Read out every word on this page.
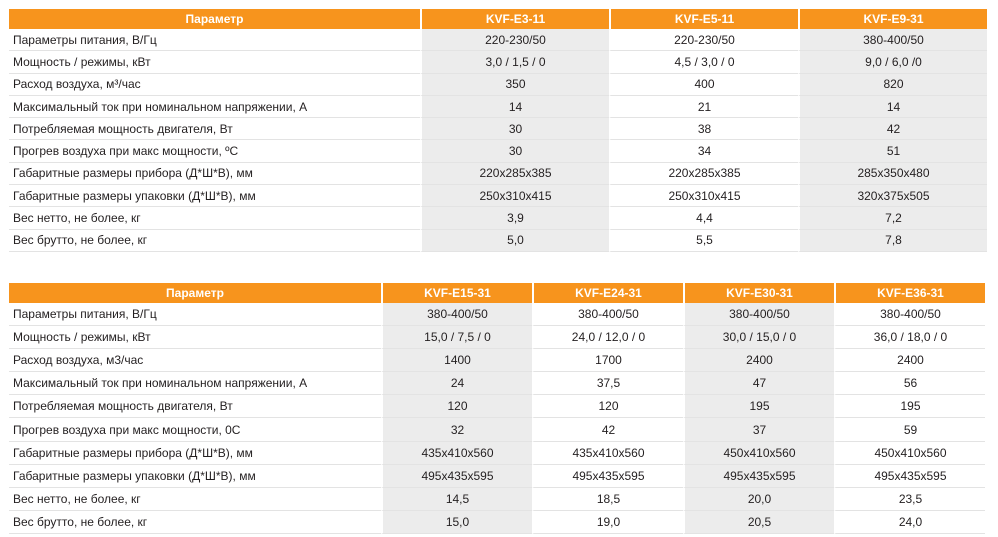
Параметр	KVF-E3-11	KVF-E5-11	KVF-E9-31
Параметры питания, В/Гц	220-230/50	220-230/50	380-400/50
Мощность / режимы, кВт	3,0 / 1,5 / 0	4,5 / 3,0 / 0	9,0 / 6,0 /0
Расход воздуха, м³/час	350	400	820
Максимальный ток при номинальном напряжении, А	14	21	14
Потребляемая мощность двигателя, Вт	30	38	42
Прогрев воздуха при макс мощности, ºС	30	34	51
Габаритные размеры прибора (Д*Ш*В), мм	220x285x385	220x285x385	285x350x480
Габаритные размеры упаковки (Д*Ш*В), мм	250x310x415	250x310x415	320x375x505
Вес нетто, не более, кг	3,9	4,4	7,2
Вес брутто, не более, кг	5,0	5,5	7,8
Параметр	KVF-E15-31	KVF-E24-31	KVF-E30-31	KVF-E36-31
Параметры питания, В/Гц	380-400/50	380-400/50	380-400/50	380-400/50
Мощность / режимы, кВт	15,0 / 7,5 / 0	24,0 / 12,0 / 0	30,0 / 15,0 / 0	36,0 / 18,0 / 0
Расход воздуха, м3/час	1400	1700	2400	2400
Максимальный ток при номинальном напряжении, А	24	37,5	47	56
Потребляемая мощность двигателя, Вт	120	120	195	195
Прогрев воздуха при макс мощности, 0С	32	42	37	59
Габаритные размеры прибора (Д*Ш*В), мм	435x410x560	435x410x560	450x410x560	450x410x560
Габаритные размеры упаковки (Д*Ш*В), мм	495x435x595	495x435x595	495x435x595	495x435x595
Вес нетто, не более, кг	14,5	18,5	20,0	23,5
Вес брутто, не более, кг	15,0	19,0	20,5	24,0
